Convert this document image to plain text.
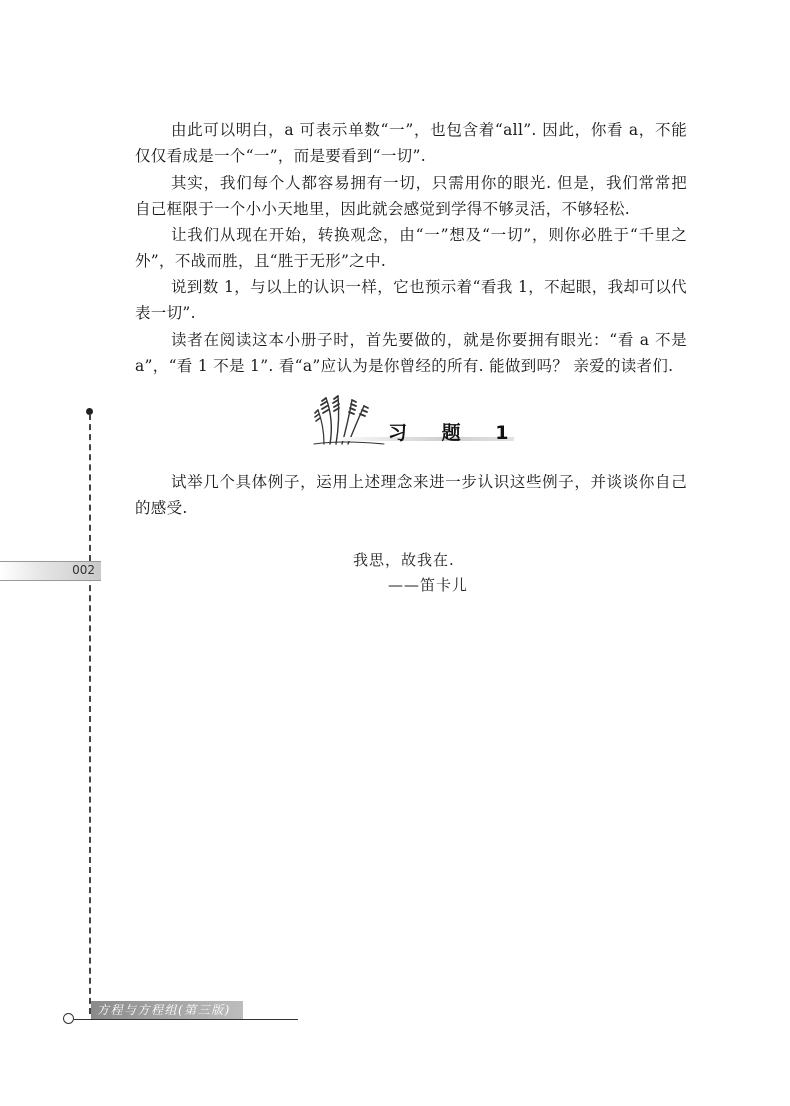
由此可以明白，a 可表示单数“一”，也包含着“all”. 因此，你看 a，不能仅仅看成是一个“一”，而是要看到“一切”.

其实，我们每个人都容易拥有一切，只需用你的眼光. 但是，我们常常把自己框限于一个小小天地里，因此就会感觉到学得不够灵活，不够轻松.

让我们从现在开始，转换观念，由“一”想及“一切”，则你必胜于“千里之外”，不战而胜，且“胜于无形”之中.

说到数 1，与以上的认识一样，它也预示着“看我 1，不起眼，我却可以代表一切”.

读者在阅读这本小册子时，首先要做的，就是你要拥有眼光：“看 a 不是 a”，“看 1 不是 1”. 看“a”应认为是你曾经的所有. 能做到吗？ 亲爱的读者们.

习 题 1

试举几个具体例子，运用上述理念来进一步认识这些例子，并谈谈你自己的感受.

002

我思，故我在.

——笛卡儿

方程与方程组(第三版)
